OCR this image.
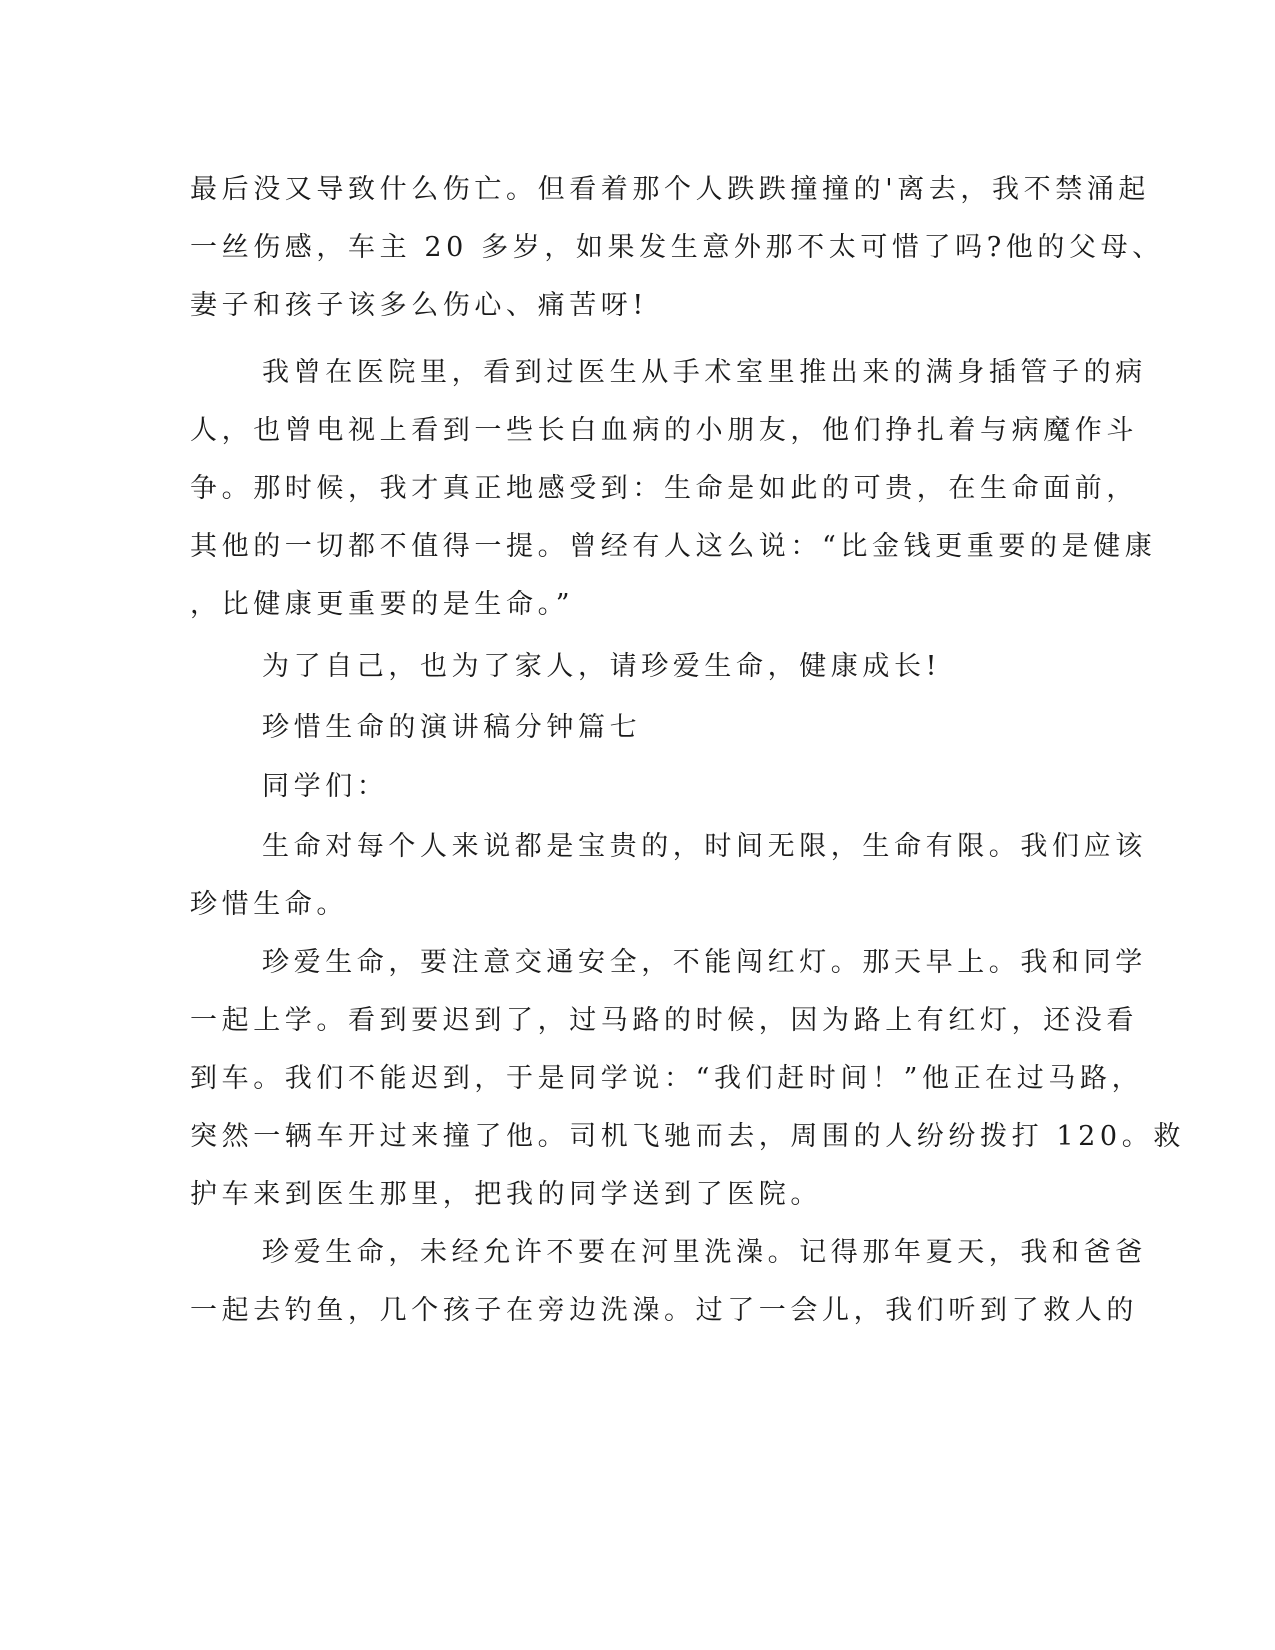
最后没又导致什么伤亡。但看着那个人跌跌撞撞的'离去，我不禁涌起
一丝伤感，车主 20 多岁，如果发生意外那不太可惜了吗?他的父母、
妻子和孩子该多么伤心、痛苦呀!
我曾在医院里，看到过医生从手术室里推出来的满身插管子的病
人，也曾电视上看到一些长白血病的小朋友，他们挣扎着与病魔作斗
争。那时候，我才真正地感受到：生命是如此的可贵，在生命面前，
其他的一切都不值得一提。曾经有人这么说：“比金钱更重要的是健康
，比健康更重要的是生命。”
为了自己，也为了家人，请珍爱生命，健康成长!
珍惜生命的演讲稿分钟篇七
同学们：
生命对每个人来说都是宝贵的，时间无限，生命有限。我们应该
珍惜生命。
珍爱生命，要注意交通安全，不能闯红灯。那天早上。我和同学
一起上学。看到要迟到了，过马路的时候，因为路上有红灯，还没看
到车。我们不能迟到，于是同学说：“我们赶时间！”他正在过马路，
突然一辆车开过来撞了他。司机飞驰而去，周围的人纷纷拨打 120。救
护车来到医生那里，把我的同学送到了医院。
珍爱生命，未经允许不要在河里洗澡。记得那年夏天，我和爸爸
一起去钓鱼，几个孩子在旁边洗澡。过了一会儿，我们听到了救人的
